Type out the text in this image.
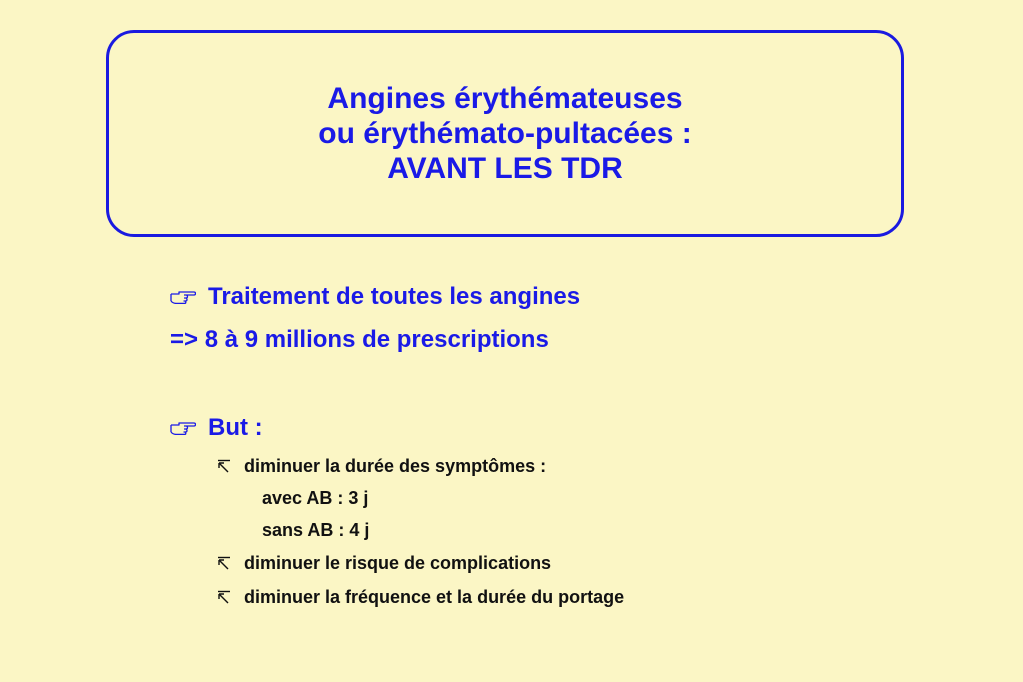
Angines érythémateuses
ou érythémato-pultacées :
AVANT LES TDR
Traitement de toutes les angines
=> 8 à 9 millions de prescriptions
But :
diminuer la durée des symptômes :
avec AB : 3 j
sans AB : 4 j
diminuer le risque de complications
diminuer la fréquence et la durée du portage
